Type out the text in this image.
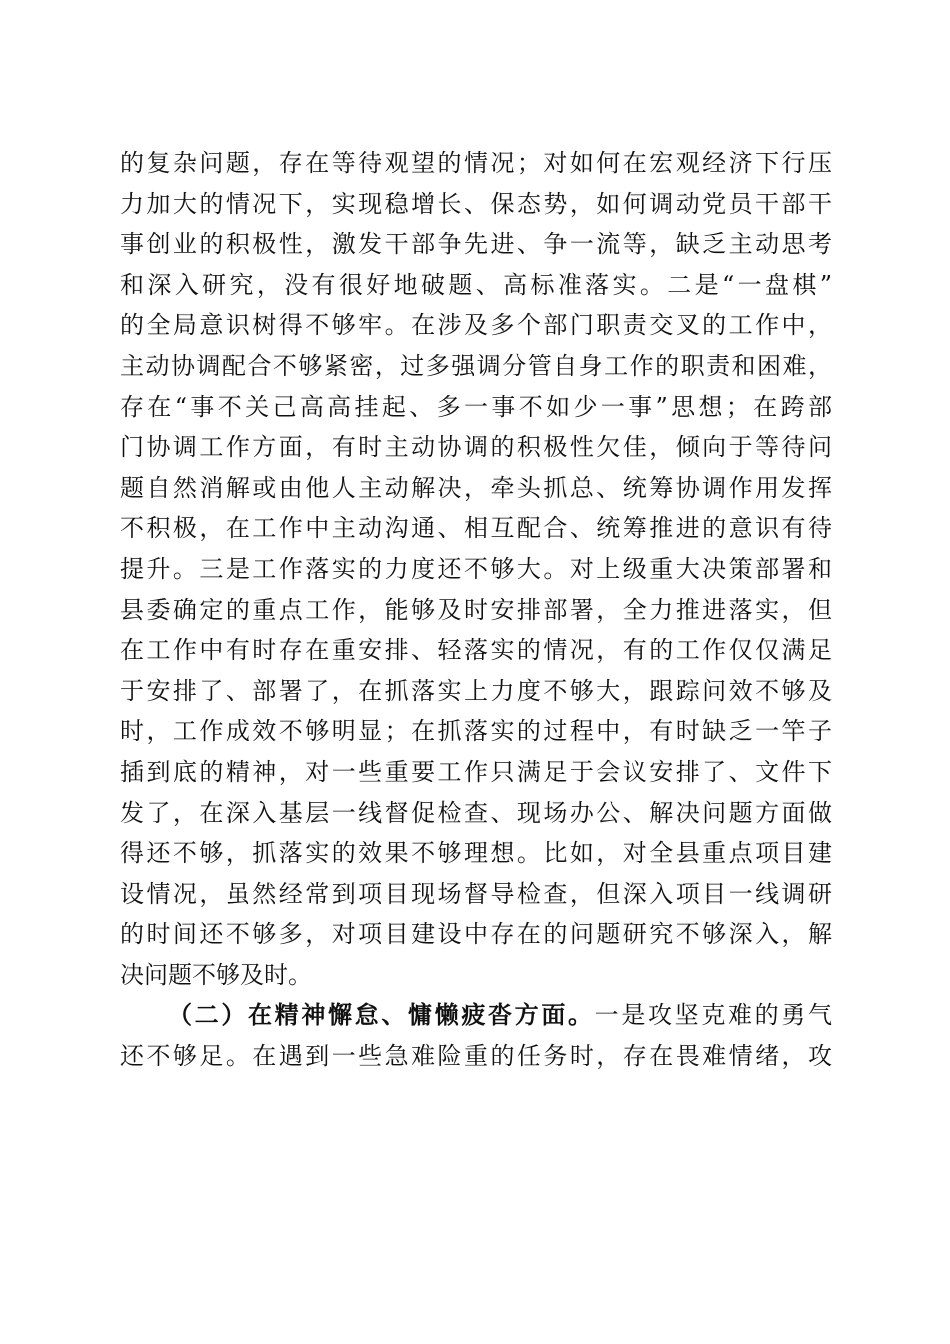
的复杂问题，存在等待观望的情况；对如何在宏观经济下行压
力加大的情况下，实现稳增长、保态势，如何调动党员干部干
事创业的积极性，激发干部争先进、争一流等，缺乏主动思考
和深入研究，没有很好地破题、高标准落实。二是“一盘棋”
的全局意识树得不够牢。在涉及多个部门职责交叉的工作中，
主动协调配合不够紧密，过多强调分管自身工作的职责和困难，
存在“事不关己高高挂起、多一事不如少一事”思想；在跨部
门协调工作方面，有时主动协调的积极性欠佳，倾向于等待问
题自然消解或由他人主动解决，牵头抓总、统筹协调作用发挥
不积极，在工作中主动沟通、相互配合、统筹推进的意识有待
提升。三是工作落实的力度还不够大。对上级重大决策部署和
县委确定的重点工作，能够及时安排部署，全力推进落实，但
在工作中有时存在重安排、轻落实的情况，有的工作仅仅满足
于安排了、部署了，在抓落实上力度不够大，跟踪问效不够及
时，工作成效不够明显；在抓落实的过程中，有时缺乏一竿子
插到底的精神，对一些重要工作只满足于会议安排了、文件下
发了，在深入基层一线督促检查、现场办公、解决问题方面做
得还不够，抓落实的效果不够理想。比如，对全县重点项目建
设情况，虽然经常到项目现场督导检查，但深入项目一线调研
的时间还不够多，对项目建设中存在的问题研究不够深入，解
决问题不够及时。
（二）在精神懈怠、慵懒疲沓方面。一是攻坚克难的勇气
还不够足。在遇到一些急难险重的任务时，存在畏难情绪，攻
